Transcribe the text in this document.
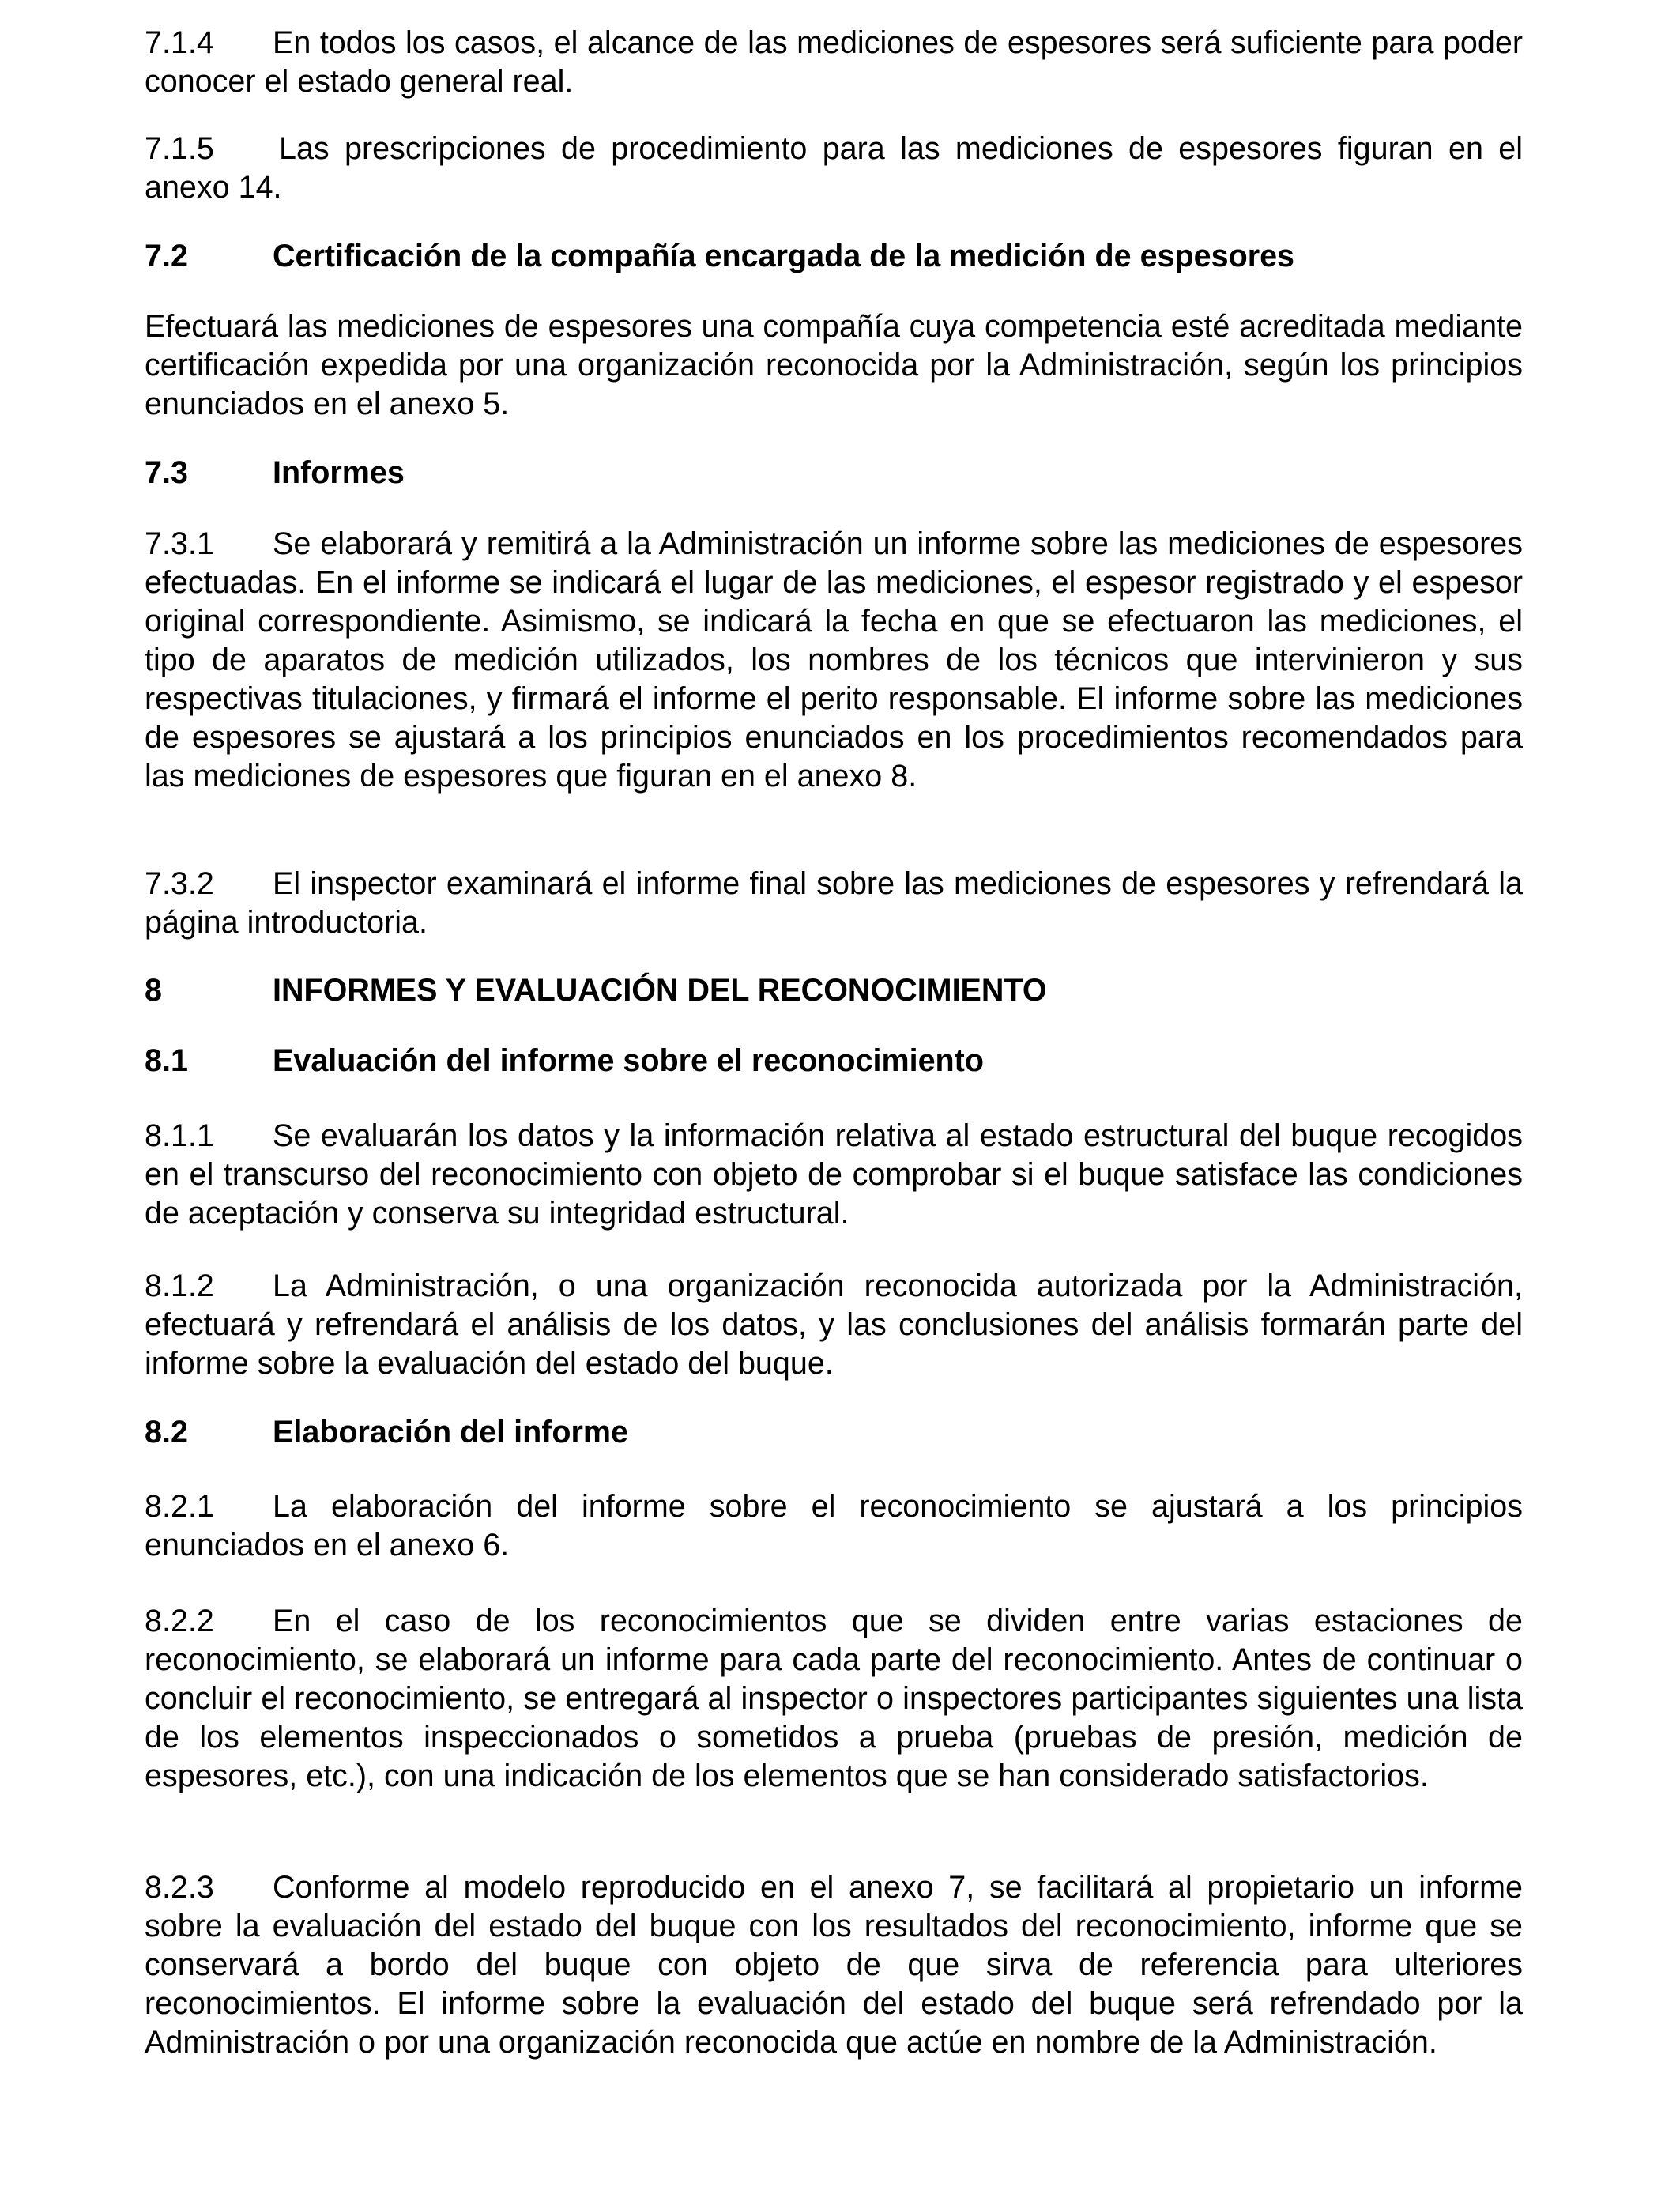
7.1.4 En todos los casos, el alcance de las mediciones de espesores será suficiente para poder conocer el estado general real.

7.1.5 Las prescripciones de procedimiento para las mediciones de espesores figuran en el anexo 14.

7.2	Certificación de la compañía encargada de la medición de espesores

Efectuará las mediciones de espesores una compañía cuya competencia esté acreditada mediante certificación expedida por una organización reconocida por la Administración, según los principios enunciados en el anexo 5.

7.3	Informes

7.3.1 Se elaborará y remitirá a la Administración un informe sobre las mediciones de espesores efectuadas. En el informe se indicará el lugar de las mediciones, el espesor registrado y el espesor original correspondiente. Asimismo, se indicará la fecha en que se efectuaron las mediciones, el tipo de aparatos de medición utilizados, los nombres de los técnicos que intervinieron y sus respectivas titulaciones, y firmará el informe el perito responsable. El informe sobre las mediciones de espesores se ajustará a los principios enunciados en los procedimientos recomendados para las mediciones de espesores que figuran en el anexo 8.

7.3.2 El inspector examinará el informe final sobre las mediciones de espesores y refrendará la página introductoria.

8	INFORMES Y EVALUACIÓN DEL RECONOCIMIENTO
8.1	Evaluación del informe sobre el reconocimiento

8.1.1 Se evaluarán los datos y la información relativa al estado estructural del buque recogidos en el transcurso del reconocimiento con objeto de comprobar si el buque satisface las condiciones de aceptación y conserva su integridad estructural.

8.1.2 La Administración, o una organización reconocida autorizada por la Administración, efectuará y refrendará el análisis de los datos, y las conclusiones del análisis formarán parte del informe sobre la evaluación del estado del buque.

8.2	Elaboración del informe

8.2.1 La elaboración del informe sobre el reconocimiento se ajustará a los principios enunciados en el anexo 6.

8.2.2 En el caso de los reconocimientos que se dividen entre varias estaciones de reconocimiento, se elaborará un informe para cada parte del reconocimiento. Antes de continuar o concluir el reconocimiento, se entregará al inspector o inspectores participantes siguientes una lista de los elementos inspeccionados o sometidos a prueba (pruebas de presión, medición de espesores, etc.), con una indicación de los elementos que se han considerado satisfactorios.

8.2.3 Conforme al modelo reproducido en el anexo 7, se facilitará al propietario un informe sobre la evaluación del estado del buque con los resultados del reconocimiento, informe que se conservará a bordo del buque con objeto de que sirva de referencia para ulteriores reconocimientos. El informe sobre la evaluación del estado del buque será refrendado por la Administración o por una organización reconocida que actúe en nombre de la Administración.
